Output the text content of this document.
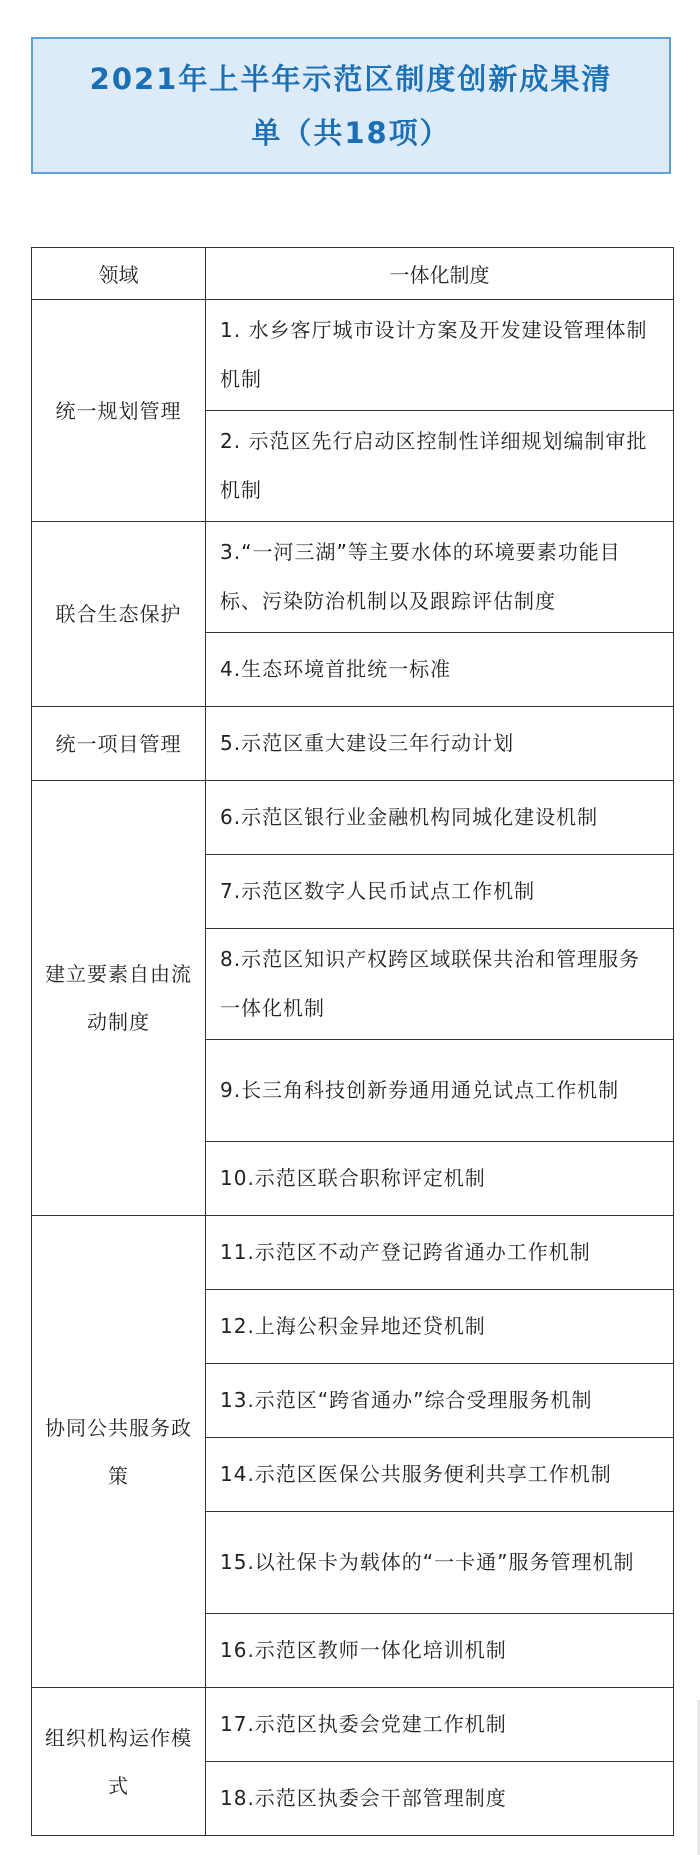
2021年上半年示范区制度创新成果清
单（共18项）
领域	一体化制度
统一规划管理	1. 水乡客厅城市设计方案及开发建设管理体制机制
	2. 示范区先行启动区控制性详细规划编制审批机制
联合生态保护	3.“一河三湖”等主要水体的环境要素功能目标、污染防治机制以及跟踪评估制度
	4.生态环境首批统一标准
统一项目管理	5.示范区重大建设三年行动计划
建立要素自由流动制度	6.示范区银行业金融机构同城化建设机制
	7.示范区数字人民币试点工作机制
	8.示范区知识产权跨区域联保共治和管理服务一体化机制
	9.长三角科技创新券通用通兑试点工作机制
	10.示范区联合职称评定机制
协同公共服务政策	11.示范区不动产登记跨省通办工作机制
	12.上海公积金异地还贷机制
	13.示范区“跨省通办”综合受理服务机制
	14.示范区医保公共服务便利共享工作机制
	15.以社保卡为载体的“一卡通”服务管理机制
	16.示范区教师一体化培训机制
组织机构运作模式	17.示范区执委会党建工作机制
	18.示范区执委会干部管理制度
